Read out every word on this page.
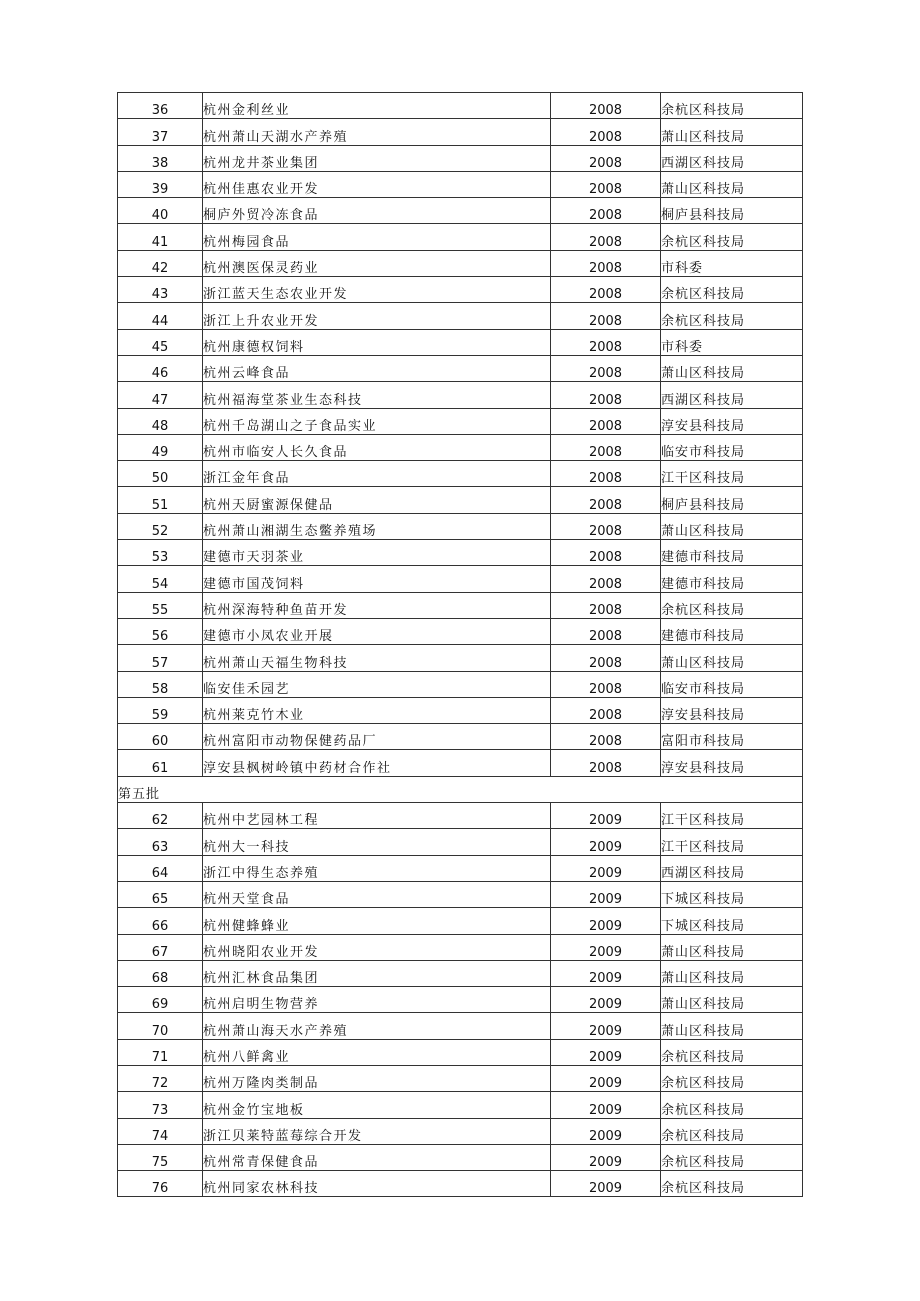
36	杭州金利丝业	2008	余杭区科技局
37	杭州萧山天湖水产养殖	2008	萧山区科技局
38	杭州龙井茶业集团	2008	西湖区科技局
39	杭州佳惠农业开发	2008	萧山区科技局
40	桐庐外贸冷冻食品	2008	桐庐县科技局
41	杭州梅园食品	2008	余杭区科技局
42	杭州澳医保灵药业	2008	市科委
43	浙江蓝天生态农业开发	2008	余杭区科技局
44	浙江上升农业开发	2008	余杭区科技局
45	杭州康德权饲料	2008	市科委
46	杭州云峰食品	2008	萧山区科技局
47	杭州福海堂茶业生态科技	2008	西湖区科技局
48	杭州千岛湖山之子食品实业	2008	淳安县科技局
49	杭州市临安人长久食品	2008	临安市科技局
50	浙江金年食品	2008	江干区科技局
51	杭州天厨蜜源保健品	2008	桐庐县科技局
52	杭州萧山湘湖生态鳖养殖场	2008	萧山区科技局
53	建德市天羽茶业	2008	建德市科技局
54	建德市国茂饲料	2008	建德市科技局
55	杭州深海特种鱼苗开发	2008	余杭区科技局
56	建德市小凤农业开展	2008	建德市科技局
57	杭州萧山天福生物科技	2008	萧山区科技局
58	临安佳禾园艺	2008	临安市科技局
59	杭州莱克竹木业	2008	淳安县科技局
60	杭州富阳市动物保健药品厂	2008	富阳市科技局
61	淳安县枫树岭镇中药材合作社	2008	淳安县科技局
第五批			
62	杭州中艺园林工程	2009	江干区科技局
63	杭州大一科技	2009	江干区科技局
64	浙江中得生态养殖	2009	西湖区科技局
65	杭州天堂食品	2009	下城区科技局
66	杭州健蜂蜂业	2009	下城区科技局
67	杭州晓阳农业开发	2009	萧山区科技局
68	杭州汇林食品集团	2009	萧山区科技局
69	杭州启明生物营养	2009	萧山区科技局
70	杭州萧山海天水产养殖	2009	萧山区科技局
71	杭州八鲜禽业	2009	余杭区科技局
72	杭州万隆肉类制品	2009	余杭区科技局
73	杭州金竹宝地板	2009	余杭区科技局
74	浙江贝莱特蓝莓综合开发	2009	余杭区科技局
75	杭州常青保健食品	2009	余杭区科技局
76	杭州同家农林科技	2009	余杭区科技局
